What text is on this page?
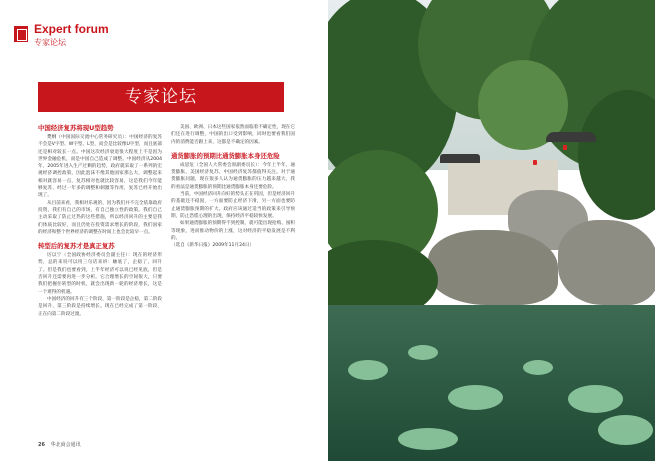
Expert forum
专家论坛
专家论坛
中国经济复苏将现U型趋势

樊纲（中国国际交流中心常务研究员）：中国经济的复苏不会是V字型、W字型、L型，而会是比较像U字型，而且底部还是相对较长一点。中国这次经济衰退很大程度上不是因为世界金融危机，而是中国自己造成了调整。中国经济从2004年、2005年进入生产过剩的趋势，政府就采取了一系列的宏观经济调控政策，因此泡沫不像其他国家那么大，调整起来相对就容易一点，复苏相对也就比较容易，这是我们今年能够复苏，经过一年多的调整和刺激等作用，复苏已经开始出现了。

从目前来看，我相对乐观的，因为我们并不完全依靠政府投资，我们有自己的市场，有自己独立性的政策。我们自己主动采取了防止过热的这些措施，所以经济回升的主要是我们体质比较好，而且仍处在投资需求增长的阶段，我们国家的经济和整个世界经济的调整在时间上也会比较早一点。

转型后的复苏才是真正复苏

厉以宁（全国政协经济委员会副主任）：现在的经济形势，总的来说可以用三句话来讲：触底了，企稳了，回升了。但是我们也要看到，上半年经济可以说已经见底，但是否回升还需要再进一步分析。它合理增长的空间很大，只要我们把握住转型的时机，就会出现新一轮的经济增长，这是一个难得的机遇。

中国经济的回升有三个阶段，第一阶段是企稳，第二阶段是回升，第三阶段是持续增长。现在已经完成了第一阶段，正在向第二阶段过渡。

美国、欧洲、日本这些国家依然面临着不确定性，现在它们还在进行调整，中国的出口受到影响，同时也要看我们国内的消费能否跟上来，这都是不确定的因素。

通货膨胀的预期比通货膨胀本身还危险

成思危（全国人大常委会原副委员长）：今年上半年，通货膨胀、美国经济复苏、中国经济复苏都值得关注。对于通货膨胀问题，现在很多人认为通货膨胀的压力越来越大，我的看法是通货膨胀的预期比通货膨胀本身还要危险。

当前，中国经济回升向好的势头正在巩固，但是经济回升的基础还不稳固，一方面要防止经济下滑，另一方面也要防止通货膨胀预期的扩大。政府应该通过适当的政策来引导预期，防止恐慌心理的出现，保持经济平稳较快发展。

如果通货膨胀的预期得不到控制，就可能出现抢购、囤积等现象，进而推动物价的上涨，这对经济的平稳发展是不利的。

（选自《新华日报》2009年11月24日）

26 华北商会通讯
